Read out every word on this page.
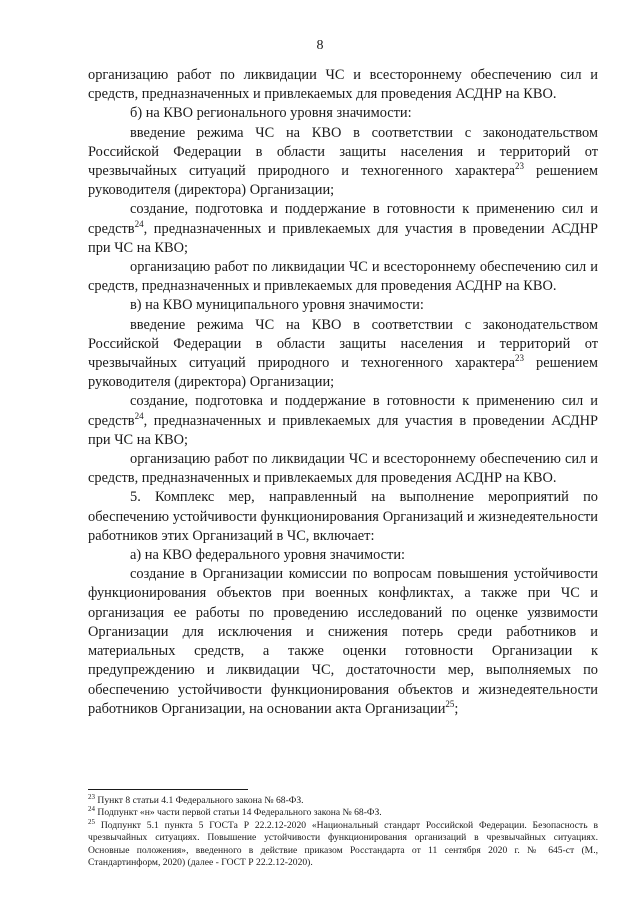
8

организацию работ по ликвидации ЧС и всестороннему обеспечению сил и средств, предназначенных и привлекаемых для проведения АСДНР на КВО.

б) на КВО регионального уровня значимости:

введение режима ЧС на КВО в соответствии с законодательством Российской Федерации в области защиты населения и территорий от чрезвычайных ситуаций природного и техногенного характера$^{23}$ решением руководителя (директора) Организации;

создание, подготовка и поддержание в готовности к применению сил и средств$^{24}$, предназначенных и привлекаемых для участия в проведении АСДНР при ЧС на КВО;

организацию работ по ликвидации ЧС и всестороннему обеспечению сил и средств, предназначенных и привлекаемых для проведения АСДНР на КВО.

в) на КВО муниципального уровня значимости:

введение режима ЧС на КВО в соответствии с законодательством Российской Федерации в области защиты населения и территорий от чрезвычайных ситуаций природного и техногенного характера$^{23}$ решением руководителя (директора) Организации;

создание, подготовка и поддержание в готовности к применению сил и средств$^{24}$, предназначенных и привлекаемых для участия в проведении АСДНР при ЧС на КВО;

организацию работ по ликвидации ЧС и всестороннему обеспечению сил и средств, предназначенных и привлекаемых для проведения АСДНР на КВО.

5. Комплекс мер, направленный на выполнение мероприятий по обеспечению устойчивости функционирования Организаций и жизнедеятельности работников этих Организаций в ЧС, включает:

а) на КВО федерального уровня значимости:

создание в Организации комиссии по вопросам повышения устойчивости функционирования объектов при военных конфликтах, а также при ЧС и организация ее работы по проведению исследований по оценке уязвимости Организации для исключения и снижения потерь среди работников и материальных средств, а также оценки готовности Организации к предупреждению и ликвидации ЧС, достаточности мер, выполняемых по обеспечению устойчивости функционирования объектов и жизнедеятельности работников Организации, на основании акта Организации$^{25}$;

$^{23}$ Пункт 8 статьи 4.1 Федерального закона № 68-ФЗ.

$^{24}$ Подпункт «н» части первой статьи 14 Федерального закона № 68-ФЗ.

$^{25}$ Подпункт 5.1 пункта 5 ГОСТа Р 22.2.12-2020 «Национальный стандарт Российской Федерации. Безопасность в чрезвычайных ситуациях. Повышение устойчивости функционирования организаций в чрезвычайных ситуациях. Основные положения», введенного в действие приказом Росстандарта от 11 сентября 2020 г. № 645-ст (М., Стандартинформ, 2020) (далее - ГОСТ Р 22.2.12-2020).
